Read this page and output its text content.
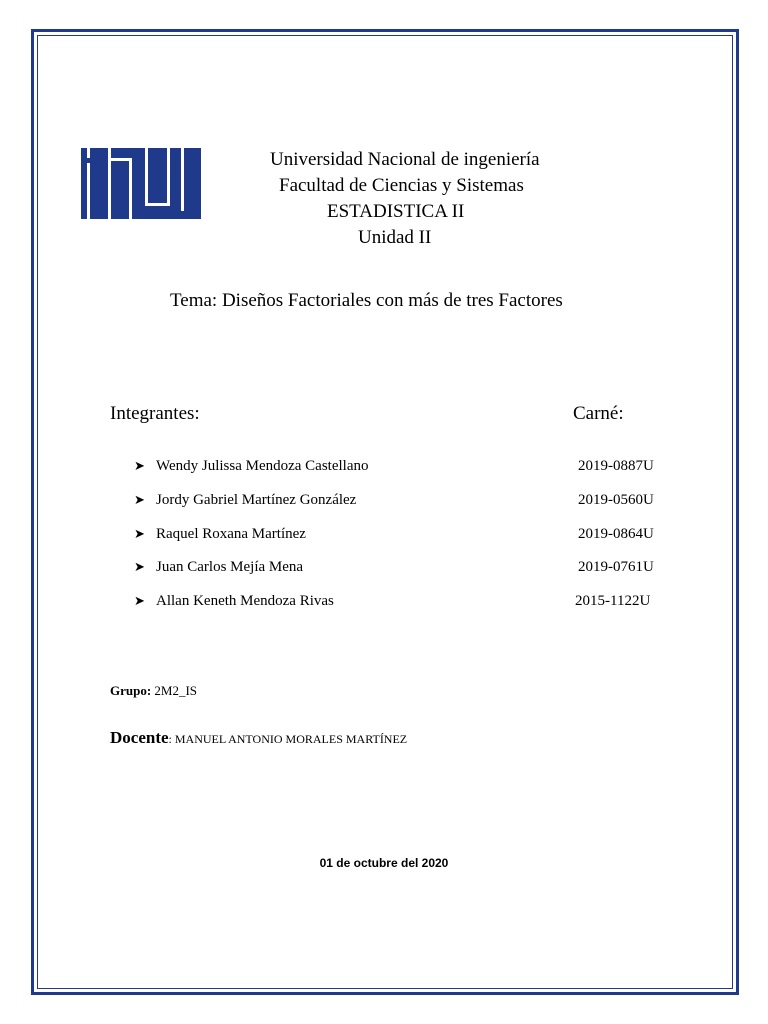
Universidad Nacional de ingeniería
Facultad de Ciencias y Sistemas
ESTADISTICA II
Unidad II
Tema: Diseños Factoriales con más de tres Factores
Integrantes:	Carné:
➤ Wendy Julissa Mendoza Castellano	2019-0887U
➤ Jordy Gabriel Martínez González	2019-0560U
➤ Raquel Roxana Martínez	2019-0864U
➤ Juan Carlos Mejía Mena	2019-0761U
➤ Allan Keneth Mendoza Rivas	2015-1122U
Grupo: 2M2_IS
Docente: MANUEL ANTONIO MORALES MARTÍNEZ
01 de octubre del 2020
